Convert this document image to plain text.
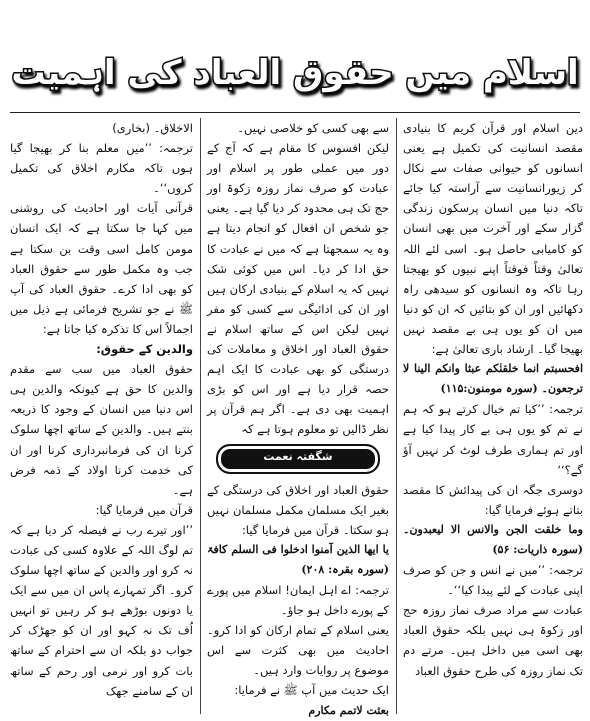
اسلام میں حقوق العباد کی اہمیت

دین اسلام اور قرآن کریم کا بنیادی مقصد انسانیت کی تکمیل ہے یعنی انسانوں کو حیوانی صفات سے نکال کر زیورانسانیت سے آراستہ کیا جائے تاکہ دنیا میں انسان پرسکون زندگی گزار سکے اور آخرت میں بھی انسان کو کامیابی حاصل ہو۔ اسی لئے اللہ تعالیٰ وقتاً فوقتاً اپنے نبیوں کو بھیجتا رہا تاکہ وہ انسانوں کو سیدھی راہ دکھائیں اور ان کو بتائیں کہ ان کو دنیا میں ان کو یوں ہی بے مقصد نہیں بھیجا گیا۔ ارشاد باری تعالیٰ ہے:

افحسبتم انما خلقنٰکم عبثا وانکم الینا لا ترجعون۔ (سورہ مومنون:۱۱۵)

ترجمہ: ’’کیا تم خیال کرتے ہو کہ ہم نے تم کو یوں ہی بے کار پیدا کیا ہے اور تم ہماری طرف لوٹ کر نہیں آؤ گے؟‘‘

دوسری جگہ ان کی پیدائش کا مقصد بتاتے ہوئے فرمایا گیا:

وما خلقت الجن والانس الا لیعبدون۔ (سورہ ذاریات: ۵۶)

ترجمہ: ’’میں نے انس و جن کو صرف اپنی عبادت کے لئے پیدا کیا‘‘۔

عبادت سے مراد صرف نماز روزہ حج اور زکوۃ ہی نہیں بلکہ حقوق العباد بھی اسی میں داخل ہیں۔ مرتے دم تک نماز روزہ کی طرح حقوق العباد

سے بھی کسی کو خلاصی نہیں۔

لیکن افسوس کا مقام ہے کہ آج کے دور میں عملی طور پر اسلام اور عبادت کو صرف نماز روزہ زکوۃ اور حج تک ہی محدود کر دیا گیا ہے۔ یعنی جو شخص ان افعال کو انجام دیتا ہے وہ یہ سمجھتا ہے کہ میں نے عبادت کا حق ادا کر دیا۔ اس میں کوئی شک نہیں کہ یہ اسلام کے بنیادی ارکان ہیں اور ان کی ادائیگی سے کسی کو مفر نہیں لیکن اس کے ساتھ اسلام نے حقوق العباد اور اخلاق و معاملات کی درستگی کو بھی عبادت کا ایک اہم حصہ قرار دیا ہے اور اس کو بڑی اہمیت بھی دی ہے۔ اگر ہم قرآن پر نظر ڈالیں تو معلوم ہوتا ہے کہ

شگفتہ نعمت

حقوق العباد اور اخلاق کی درستگی کے بغیر ایک مسلمان مکمل مسلمان نہیں ہو سکتا۔ قرآن میں فرمایا گیا:

یا ایھا الذین آمنوا ادخلوا فی السلم کافۃ (سورہ بقرہ: ۲۰۸)

ترجمہ: اے اہل ایمان! اسلام میں پورے کے پورے داخل ہو جاؤ۔

یعنی اسلام کے تمام ارکان کو ادا کرو۔ احادیث میں بھی کثرت سے اس موضوع پر روایات وارد ہیں۔

ایک حدیث میں آپ ﷺ نے فرمایا:

بعثت لاتمم مکارم

الاخلاق۔ (بخاری)

ترجمہ: ’’میں معلم بنا کر بھیجا گیا ہوں تاکہ مکارم اخلاق کی تکمیل کروں‘‘۔

قرآنی آیات اور احادیث کی روشنی میں کہا جا سکتا ہے کہ ایک انسان مومن کامل اسی وقت بن سکتا ہے جب وہ مکمل طور سے حقوق العباد کو بھی ادا کرے۔ حقوق العباد کی آپ ﷺ نے جو تشریح فرمائی ہے ذیل میں اجمالاً اس کا تذکرہ کیا جاتا ہے:

والدین کے حقوق:

حقوق العباد میں سب سے مقدم والدین کا حق ہے کیونکہ والدین ہی اس دنیا میں انسان کے وجود کا ذریعہ بنتے ہیں۔ والدین کے ساتھ اچھا سلوک کرنا ان کی فرمانبرداری کرنا اور ان کی خدمت کرنا اولاد کے ذمہ فرض ہے۔

قرآن میں فرمایا گیا:

’’اور تیرے رب نے فیصلہ کر دیا ہے کہ تم لوگ اللہ کے علاوہ کسی کی عبادت نہ کرو اور والدین کے ساتھ اچھا سلوک کرو۔ اگر تمہارے پاس ان میں سے ایک یا دونوں بوڑھے ہو کر رہیں تو انہیں اُف تک نہ کہو اور ان کو جھڑک کر جواب دو بلکہ ان سے احترام کے ساتھ بات کرو اور نرمی اور رحم کے ساتھ ان کے سامنے جھک
